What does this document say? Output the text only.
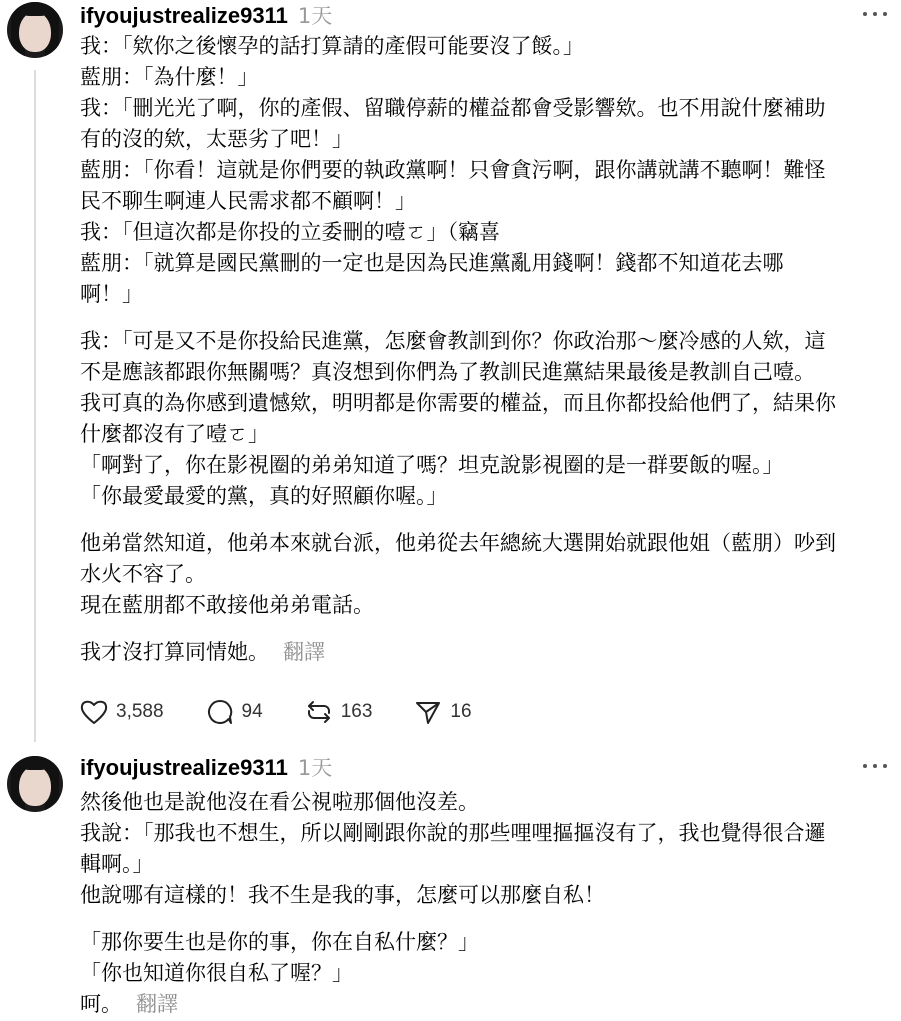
ifyoujustrealize9311 1天
我：「欸你之後懷孕的話打算請的產假可能要沒了餒。」
藍朋：「為什麼！」
我：「刪光光了啊，你的產假、留職停薪的權益都會受影響欸。也不用說什麼補助
有的沒的欸，太惡劣了吧！」
藍朋：「你看！這就是你們要的執政黨啊！只會貪污啊，跟你講就講不聽啊！難怪
民不聊生啊連人民需求都不顧啊！」
我：「但這次都是你投的立委刪的噎ㄛ」（竊喜
藍朋：「就算是國民黨刪的一定也是因為民進黨亂用錢啊！錢都不知道花去哪
啊！」
我：「可是又不是你投給民進黨，怎麼會教訓到你？你政治那～麼冷感的人欸，這
不是應該都跟你無關嗎？真沒想到你們為了教訓民進黨結果最後是教訓自己噎。
我可真的為你感到遺憾欸，明明都是你需要的權益，而且你都投給他們了，結果你
什麼都沒有了噎ㄛ」
「啊對了，你在影視圈的弟弟知道了嗎？坦克說影視圈的是一群要飯的喔。」
「你最愛最愛的黨，真的好照顧你喔。」
他弟當然知道，他弟本來就台派，他弟從去年總統大選開始就跟他姐（藍朋）吵到
水火不容了。
現在藍朋都不敢接他弟弟電話。
我才沒打算同情她。 翻譯
3,588	94	163	16
ifyoujustrealize9311 1天
然後他也是說他沒在看公視啦那個他沒差。
我說：「那我也不想生，所以剛剛跟你說的那些哩哩摳摳沒有了，我也覺得很合邏
輯啊。」
他說哪有這樣的！我不生是我的事，怎麼可以那麼自私！
「那你要生也是你的事，你在自私什麼？」
「你也知道你很自私了喔？」
呵。 翻譯
